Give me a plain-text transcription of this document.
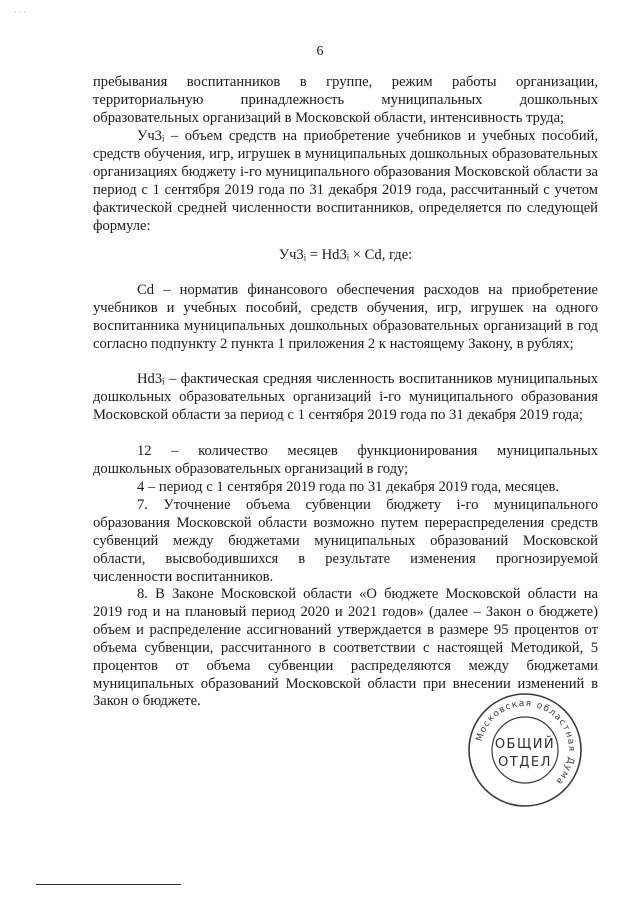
· · ·
6

пребывания воспитанников в группе, режим работы организации, территориальную принадлежность муниципальных дошкольных образовательных организаций в Московской области, интенсивность труда;

Уч3ᵢ – объем средств на приобретение учебников и учебных пособий, средств обучения, игр, игрушек в муниципальных дошкольных образовательных организациях бюджету i-го муниципального образования Московской области за период с 1 сентября 2019 года по 31 декабря 2019 года, рассчитанный с учетом фактической средней численности воспитанников, определяется по следующей формуле:

Уч3ᵢ = Hd3ᵢ × Cd, где:

Cd – норматив финансового обеспечения расходов на приобретение учебников и учебных пособий, средств обучения, игр, игрушек на одного воспитанника муниципальных дошкольных образовательных организаций в год согласно подпункту 2 пункта 1 приложения 2 к настоящему Закону, в рублях;

Hd3ᵢ – фактическая средняя численность воспитанников муниципальных дошкольных образовательных организаций i-го муниципального образования Московской области за период с 1 сентября 2019 года по 31 декабря 2019 года;

12 – количество месяцев функционирования муниципальных дошкольных образовательных организаций в году;

4 – период с 1 сентября 2019 года по 31 декабря 2019 года, месяцев.

7. Уточнение объема субвенции бюджету i-го муниципального образования Московской области возможно путем перераспределения средств субвенций между бюджетами муниципальных образований Московской области, высвободившихся в результате изменения прогнозируемой численности воспитанников.

8. В Законе Московской области «О бюджете Московской области на 2019 год и на плановый период 2020 и 2021 годов» (далее – Закон о бюджете) объем и распределение ассигнований утверждается в размере 95 процентов от объема субвенции, рассчитанного в соответствии с настоящей Методикой, 5 процентов от объема субвенции распределяются между бюджетами муниципальных образований Московской области при внесении изменений в Закон о бюджете.

Московская областная Дума
ОБЩИЙ
ОТДЕЛ
